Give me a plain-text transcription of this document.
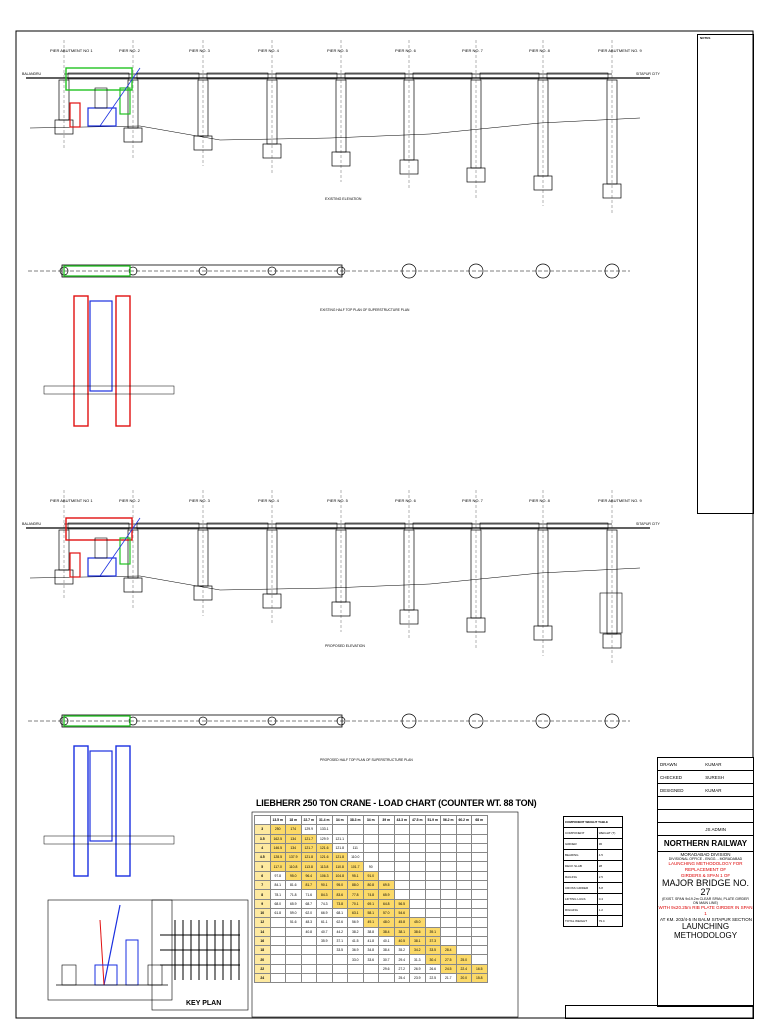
PIER ABUTMENT NO 1	PIER NO. 2	PIER NO. 3	PIER NO. 4	PIER NO. 5	PIER NO. 6	PIER NO. 7	PIER NO. 8	PIER ABUTMENT NO. 9
BALANDRU	SITAPUR CITY
PIER ABUTMENT NO 1	PIER NO. 2	PIER NO. 3	PIER NO. 4	PIER NO. 5	PIER NO. 6	PIER NO. 7	PIER NO. 8	PIER ABUTMENT NO. 9
BALANDRU	SITAPUR CITY
EXISTING ELEVATION
PROPOSED ELEVATION
EXISTING HALF TOP PLAN OF SUPERSTRUCTURE PLAN
PROPOSED HALF TOP PLAN OF SUPERSTRUCTURE PLAN
NOTES
LIEBHERR 250 TON CRANE - LOAD CHART (COUNTER WT. 88 TON)
	13.5 m	18 m	22.7 m	31.4 m	34 m	38.3 m	34 m	39 m	43.3 m	47.5 m	51.9 m	56.2 m	60.2 m	68 m
3	250	174	129.9	133.1										
3.5	162.5	134	121.7	129.9	121.1									
4	146.5	134	121.7	121.6	121.8	111								
4.5	128.5	137.9	121.8	121.6	121.8	110.0								
5	117.0	110.8	113.8	113.8	110.8	101.7	90							
6	97.8	95.0	96.4	106.3	104.8	95.1	91.0							
7	84.1	81.6	81.7	90.1	95.0	88.0	80.8	69.5						
8	78.1	71.8	71.6	84.3	83.6	77.8	74.8	65.9						
9	68.0	65.9	68.7	74.3	73.8	70.1	69.1	64.8	56.5					
10	61.8	59.0	62.0	66.9	68.1	63.1	58.1	57.0	54.6					
12		51.6	48.3	61.1	62.6	56.9	49.1	48.0	45.8	45.0				
14			40.8	40.7	44.2	38.2	38.8	38.4	38.1	38.6	39.1			
16				35.9	37.1	41.5	41.8	40.1	40.5	38.1	37.3			
18					33.5	36.9	34.8	38.4	35.2	34.2	33.5	28.4		
20						33.0	33.6	30.7	29.4	31.3	30.4	27.5	25.0	
22								29.6	27.2	26.9	26.6	24.5	22.4	16.5
24									25.4	23.9	22.5	21.7	20.0	15.8
COMPONENT WEIGHT TABLE	
COMPONENT	WEIGHT (T)
GIRDER	36
BEARING	4.5
DECK SLAB	28
RAILING	2.5
CROSS GIRDER	6.8
LIFTING LUGS	0.4
RIGGING	1.2
TOTAL WEIGHT	79.4
KEY PLAN
DRAWN	KUMAR
CHECKED	SURESH
DESIGNED	KUMAR
JS ADMIN
NORTHERN RAILWAY
MORADABAD DIVISION
DIVISIONAL OFFICE - ENGG. - MORADABAD
LAUNCHING METHODOLOGY FOR REPLACEMENT OF
GIRDERS & SPAN 1 OF
MAJOR BRIDGE NO. 27
(EXIST. SPAN 9x19.2m CLEAR SPAN, PLATE GIRDER ON MAIN LINE)
WITH 9x20.25m RIB PLATE GIRDER IN SPAN 1
AT KM. 203/4-5 IN BALM SITAPUR SECTION
LAUNCHING METHODOLOGY
